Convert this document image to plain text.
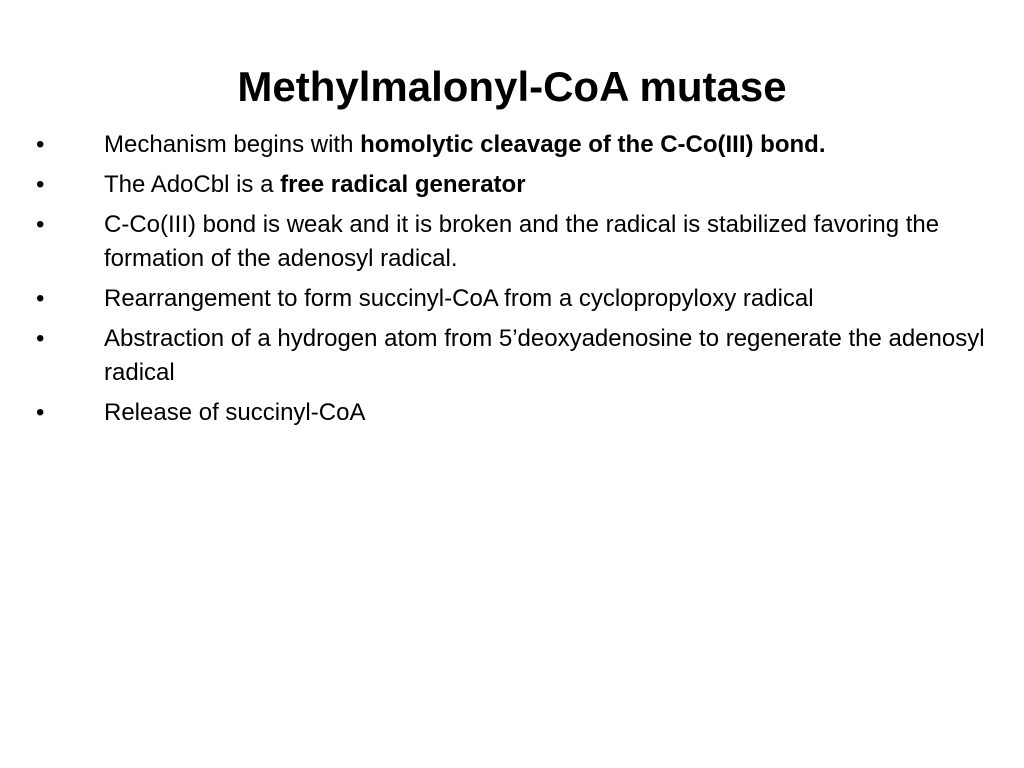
Methylmalonyl-CoA mutase
•	Mechanism begins with homolytic cleavage of the C-Co(III) bond.
•	The AdoCbl is a free radical generator
•	C-Co(III) bond is weak and it is broken and the radical is stabilized favoring the formation of the adenosyl radical.
•	Rearrangement to form succinyl-CoA from a cyclopropyloxy radical
•	Abstraction of a hydrogen atom from 5’deoxyadenosine to regenerate the adenosyl radical
•	Release of succinyl-CoA
